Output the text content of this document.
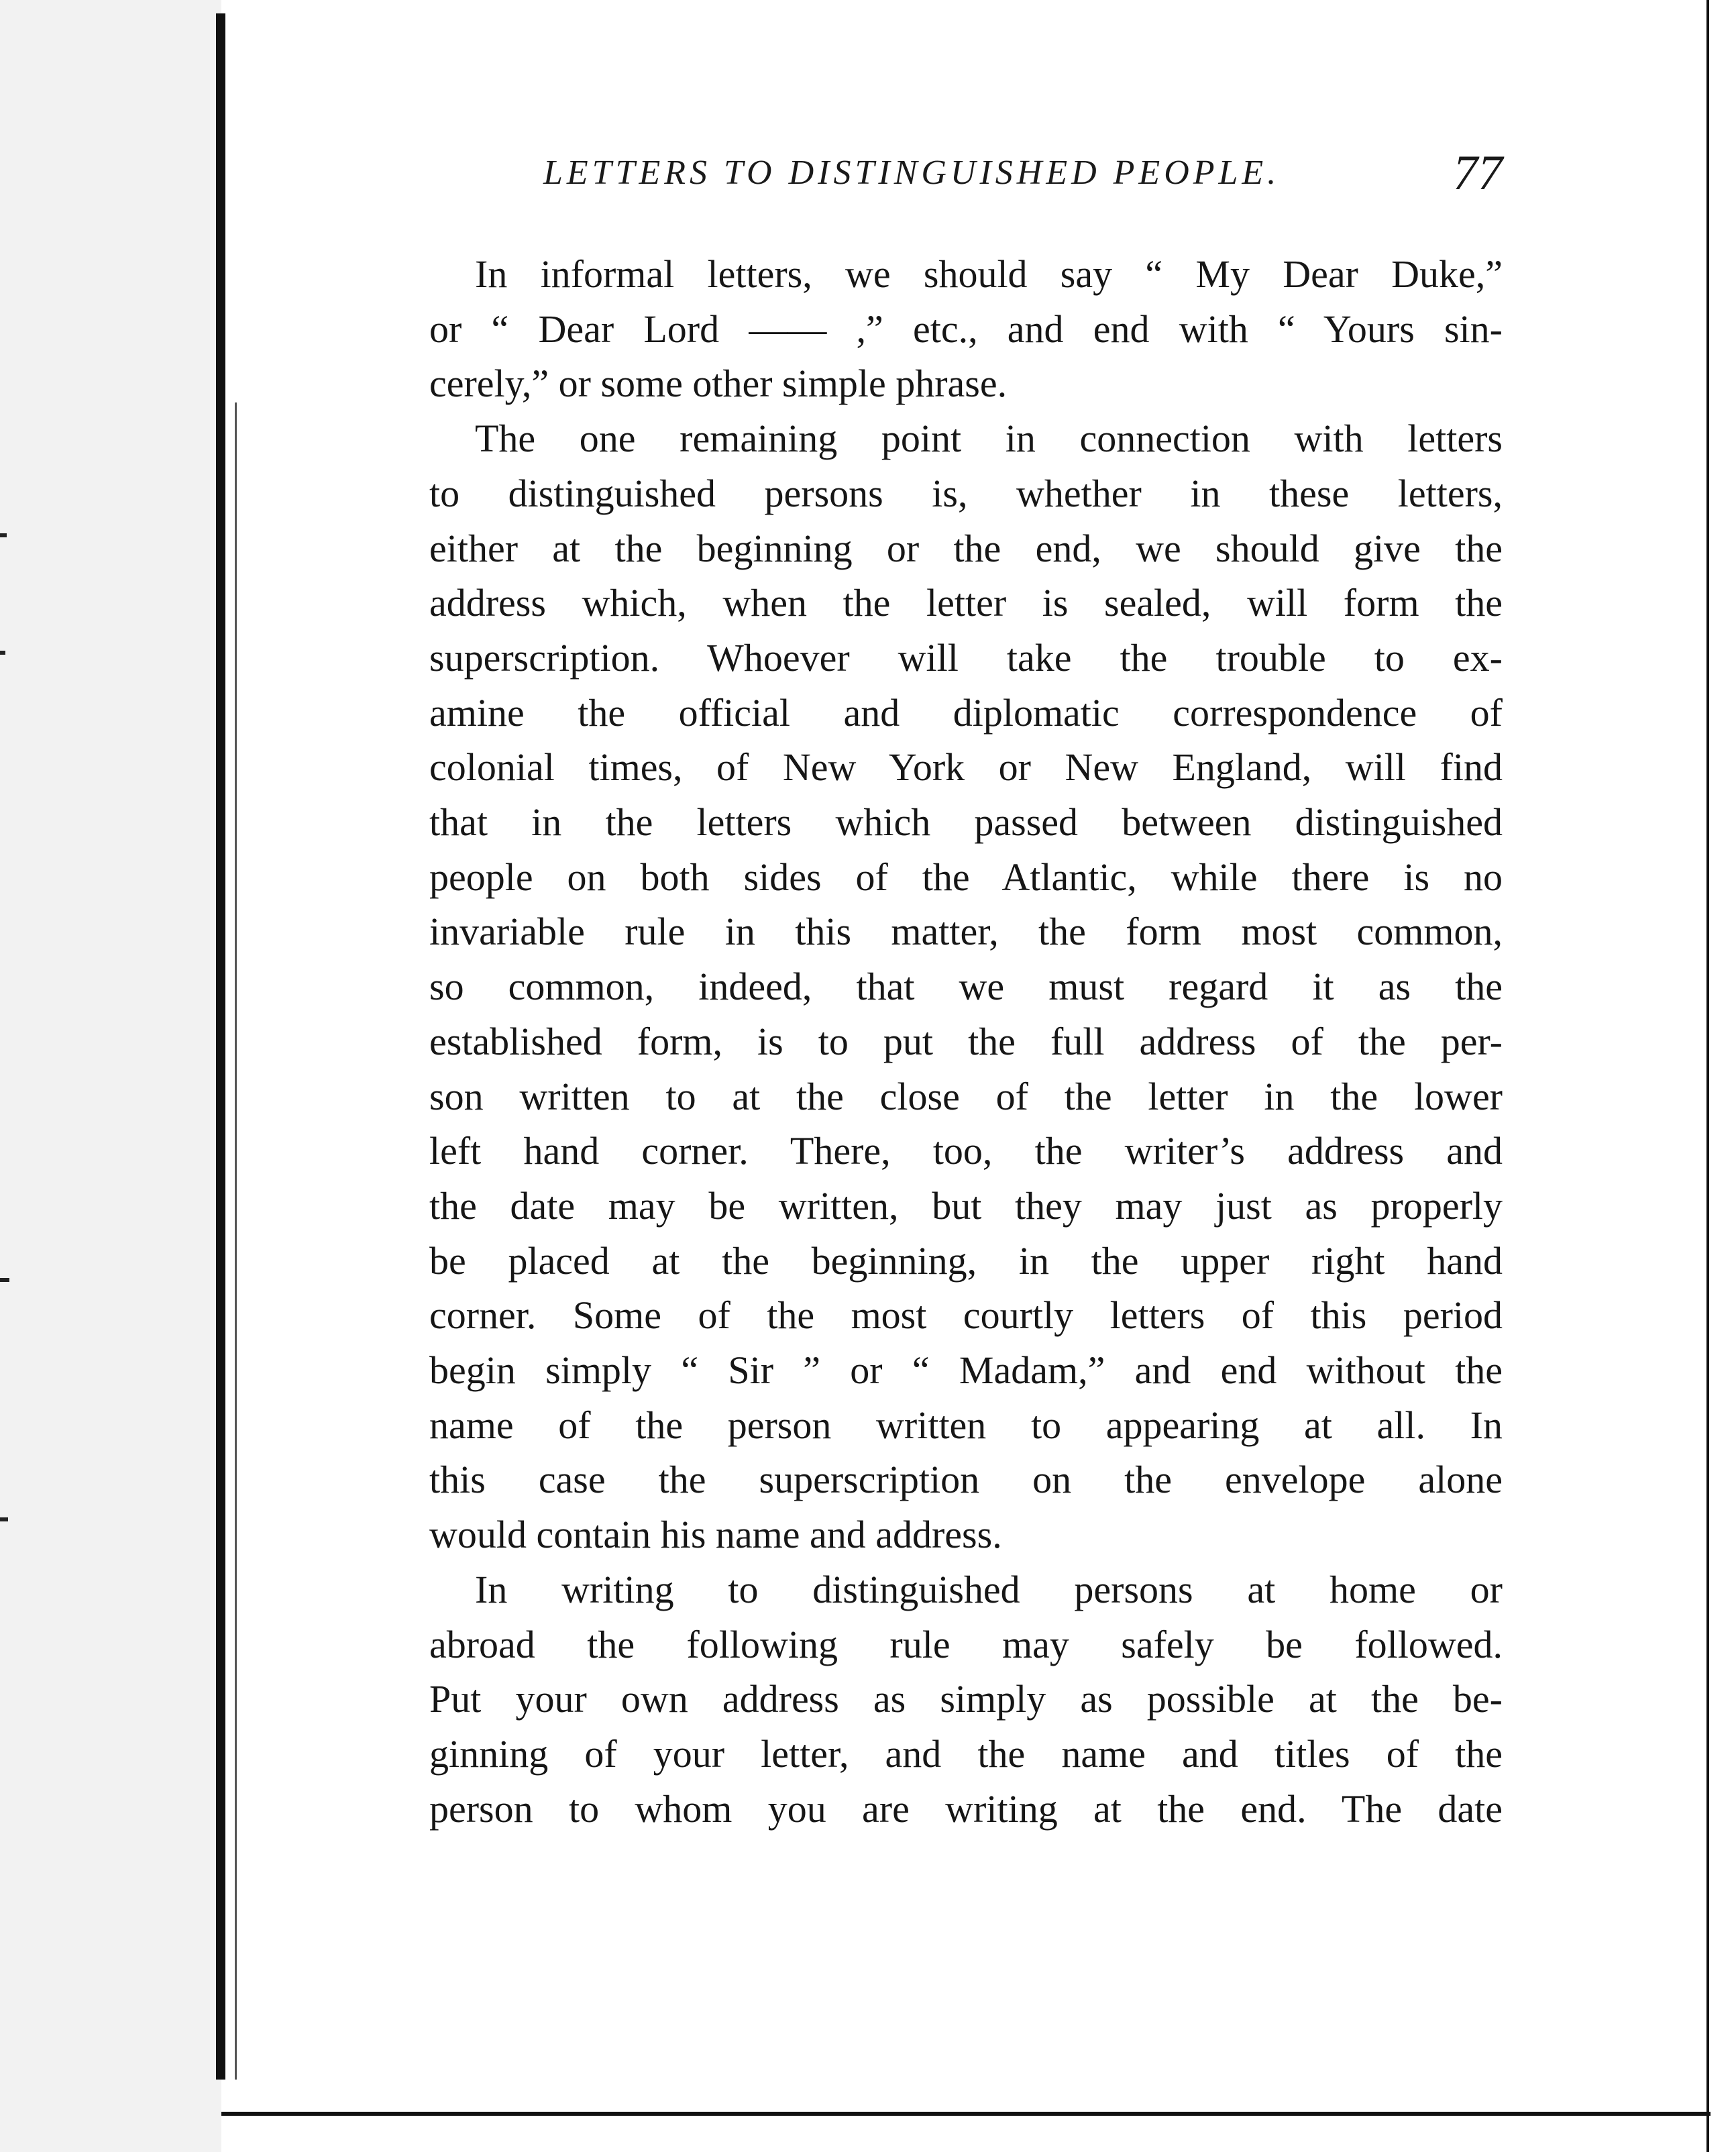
LETTERS TO DISTINGUISHED PEOPLE.	77

In informal letters, we should say “ My Dear Duke,”
or “ Dear Lord —— ,” etc., and end with “ Yours sin-
cerely,” or some other simple phrase.

The one remaining point in connection with letters
to distinguished persons is, whether in these letters,
either at the beginning or the end, we should give the
address which, when the letter is sealed, will form the
superscription. Whoever will take the trouble to ex-
amine the official and diplomatic correspondence of
colonial times, of New York or New England, will find
that in the letters which passed between distinguished
people on both sides of the Atlantic, while there is no
invariable rule in this matter, the form most common,
so common, indeed, that we must regard it as the
established form, is to put the full address of the per-
son written to at the close of the letter in the lower
left hand corner. There, too, the writer’s address and
the date may be written, but they may just as properly
be placed at the beginning, in the upper right hand
corner. Some of the most courtly letters of this period
begin simply “ Sir ” or “ Madam,” and end without the
name of the person written to appearing at all. In
this case the superscription on the envelope alone
would contain his name and address.

In writing to distinguished persons at home or
abroad the following rule may safely be followed.
Put your own address as simply as possible at the be-
ginning of your letter, and the name and titles of the
person to whom you are writing at the end. The date
